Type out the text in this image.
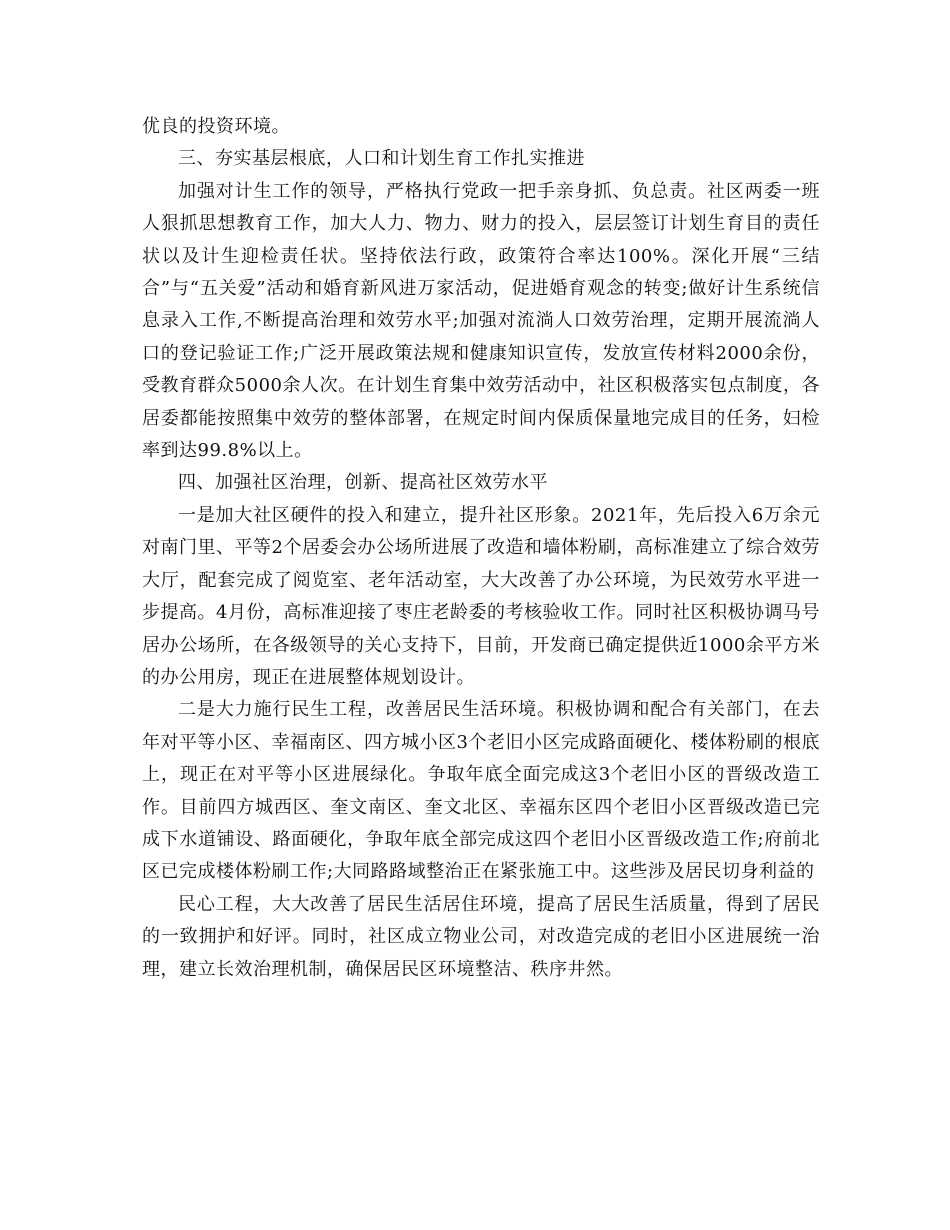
优良的投资环境。

三、夯实基层根底，人口和计划生育工作扎实推进

加强对计生工作的领导，严格执行党政一把手亲身抓、负总责。社区两委一班人狠抓思想教育工作，加大人力、物力、财力的投入，层层签订计划生育目的责任状以及计生迎检责任状。坚持依法行政，政策符合率达100%。深化开展“三结合”与“五关爱”活动和婚育新风进万家活动，促进婚育观念的转变;做好计生系统信息录入工作,不断提高治理和效劳水平;加强对流淌人口效劳治理，定期开展流淌人口的登记验证工作;广泛开展政策法规和健康知识宣传，发放宣传材料2000余份，受教育群众5000余人次。在计划生育集中效劳活动中，社区积极落实包点制度，各居委都能按照集中效劳的整体部署，在规定时间内保质保量地完成目的任务，妇检率到达99.8%以上。

四、加强社区治理，创新、提高社区效劳水平

一是加大社区硬件的投入和建立，提升社区形象。2021年，先后投入6万余元对南门里、平等2个居委会办公场所进展了改造和墙体粉刷，高标准建立了综合效劳大厅，配套完成了阅览室、老年活动室，大大改善了办公环境，为民效劳水平进一步提高。4月份，高标准迎接了枣庄老龄委的考核验收工作。同时社区积极协调马号居办公场所，在各级领导的关心支持下，目前，开发商已确定提供近1000余平方米的办公用房，现正在进展整体规划设计。

二是大力施行民生工程，改善居民生活环境。积极协调和配合有关部门，在去年对平等小区、幸福南区、四方城小区3个老旧小区完成路面硬化、楼体粉刷的根底上，现正在对平等小区进展绿化。争取年底全面完成这3个老旧小区的晋级改造工作。目前四方城西区、奎文南区、奎文北区、幸福东区四个老旧小区晋级改造已完成下水道铺设、路面硬化，争取年底全部完成这四个老旧小区晋级改造工作;府前北区已完成楼体粉刷工作;大同路路域整治正在紧张施工中。这些涉及居民切身利益的

民心工程，大大改善了居民生活居住环境，提高了居民生活质量，得到了居民的一致拥护和好评。同时，社区成立物业公司，对改造完成的老旧小区进展统一治理，建立长效治理机制，确保居民区环境整洁、秩序井然。
